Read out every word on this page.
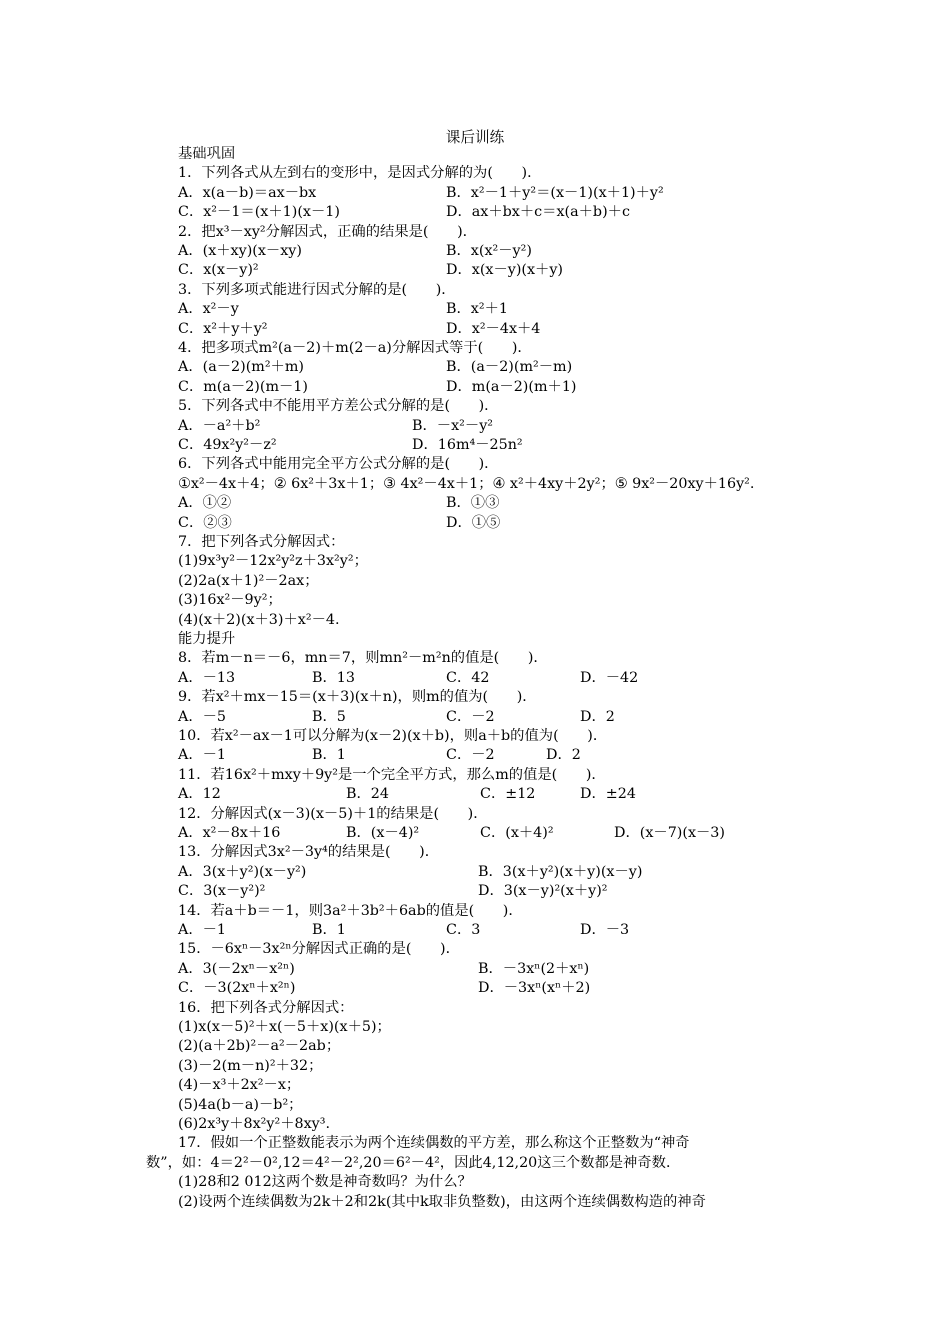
课后训练
基础巩固
1．下列各式从左到右的变形中，是因式分解的为(　　)．
A．x(a－b)＝ax－bx	B．x²－1＋y²＝(x－1)(x＋1)＋y²
C．x²－1＝(x＋1)(x－1)	D．ax＋bx＋c＝x(a＋b)＋c
2．把x³－xy²分解因式，正确的结果是(　　)．
A．(x＋xy)(x－xy)	B．x(x²－y²)
C．x(x－y)²	D．x(x－y)(x＋y)
3．下列多项式能进行因式分解的是(　　)．
A．x²－y	B．x²＋1
C．x²＋y＋y²	D．x²－4x＋4
4．把多项式m²(a－2)＋m(2－a)分解因式等于(　　)．
A．(a－2)(m²＋m)	B．(a－2)(m²－m)
C．m(a－2)(m－1)	D．m(a－2)(m＋1)
5．下列各式中不能用平方差公式分解的是(　　)．
A．－a²＋b²	B．－x²－y²
C．49x²y²－z²	D．16m⁴－25n²
6．下列各式中能用完全平方公式分解的是(　　)．
①x²－4x＋4；② 6x²＋3x＋1；③ 4x²－4x＋1；④ x²＋4xy＋2y²；⑤ 9x²－20xy＋16y².
A．①②	B．①③
C．②③	D．①⑤
7．把下列各式分解因式：
(1)9x³y²－12x²y²z＋3x²y²；
(2)2a(x＋1)²－2ax；
(3)16x²－9y²；
(4)(x＋2)(x＋3)＋x²－4.
能力提升
8．若m－n＝－6，mn＝7，则mn²－m²n的值是(　　)．
A．－13	B．13	C．42	D．－42
9．若x²＋mx－15＝(x＋3)(x＋n)，则m的值为(　　)．
A．－5	B．5	C．－2	D．2
10．若x²－ax－1可以分解为(x－2)(x＋b)，则a＋b的值为(　　)．
A．－1	B．1	C．－2	D．2
11．若16x²＋mxy＋9y²是一个完全平方式，那么m的值是(　　)．
A．12	B．24	C．±12	D．±24
12．分解因式(x－3)(x－5)＋1的结果是(　　)．
A．x²－8x＋16	B．(x－4)²	C．(x＋4)²	D．(x－7)(x－3)
13．分解因式3x²－3y⁴的结果是(　　)．
A．3(x＋y²)(x－y²)	B．3(x＋y²)(x＋y)(x－y)
C．3(x－y²)²	D．3(x－y)²(x＋y)²
14．若a＋b＝－1，则3a²＋3b²＋6ab的值是(　　)．
A．－1	B．1	C．3	D．－3
15．－6xⁿ－3x²ⁿ分解因式正确的是(　　)．
A．3(－2xⁿ－x²ⁿ)	B．－3xⁿ(2＋xⁿ)
C．－3(2xⁿ＋x²ⁿ)	D．－3xⁿ(xⁿ＋2)
16．把下列各式分解因式：
(1)x(x－5)²＋x(－5＋x)(x＋5)；
(2)(a＋2b)²－a²－2ab；
(3)－2(m－n)²＋32；
(4)－x³＋2x²－x；
(5)4a(b－a)－b²；
(6)2x³y＋8x²y²＋8xy³.
17．假如一个正整数能表示为两个连续偶数的平方差，那么称这个正整数为“神奇
数”，如：4＝2²－0²,12＝4²－2²,20＝6²－4²，因此4,12,20这三个数都是神奇数．
(1)28和2 012这两个数是神奇数吗？为什么？
(2)设两个连续偶数为2k＋2和2k(其中k取非负整数)，由这两个连续偶数构造的神奇
